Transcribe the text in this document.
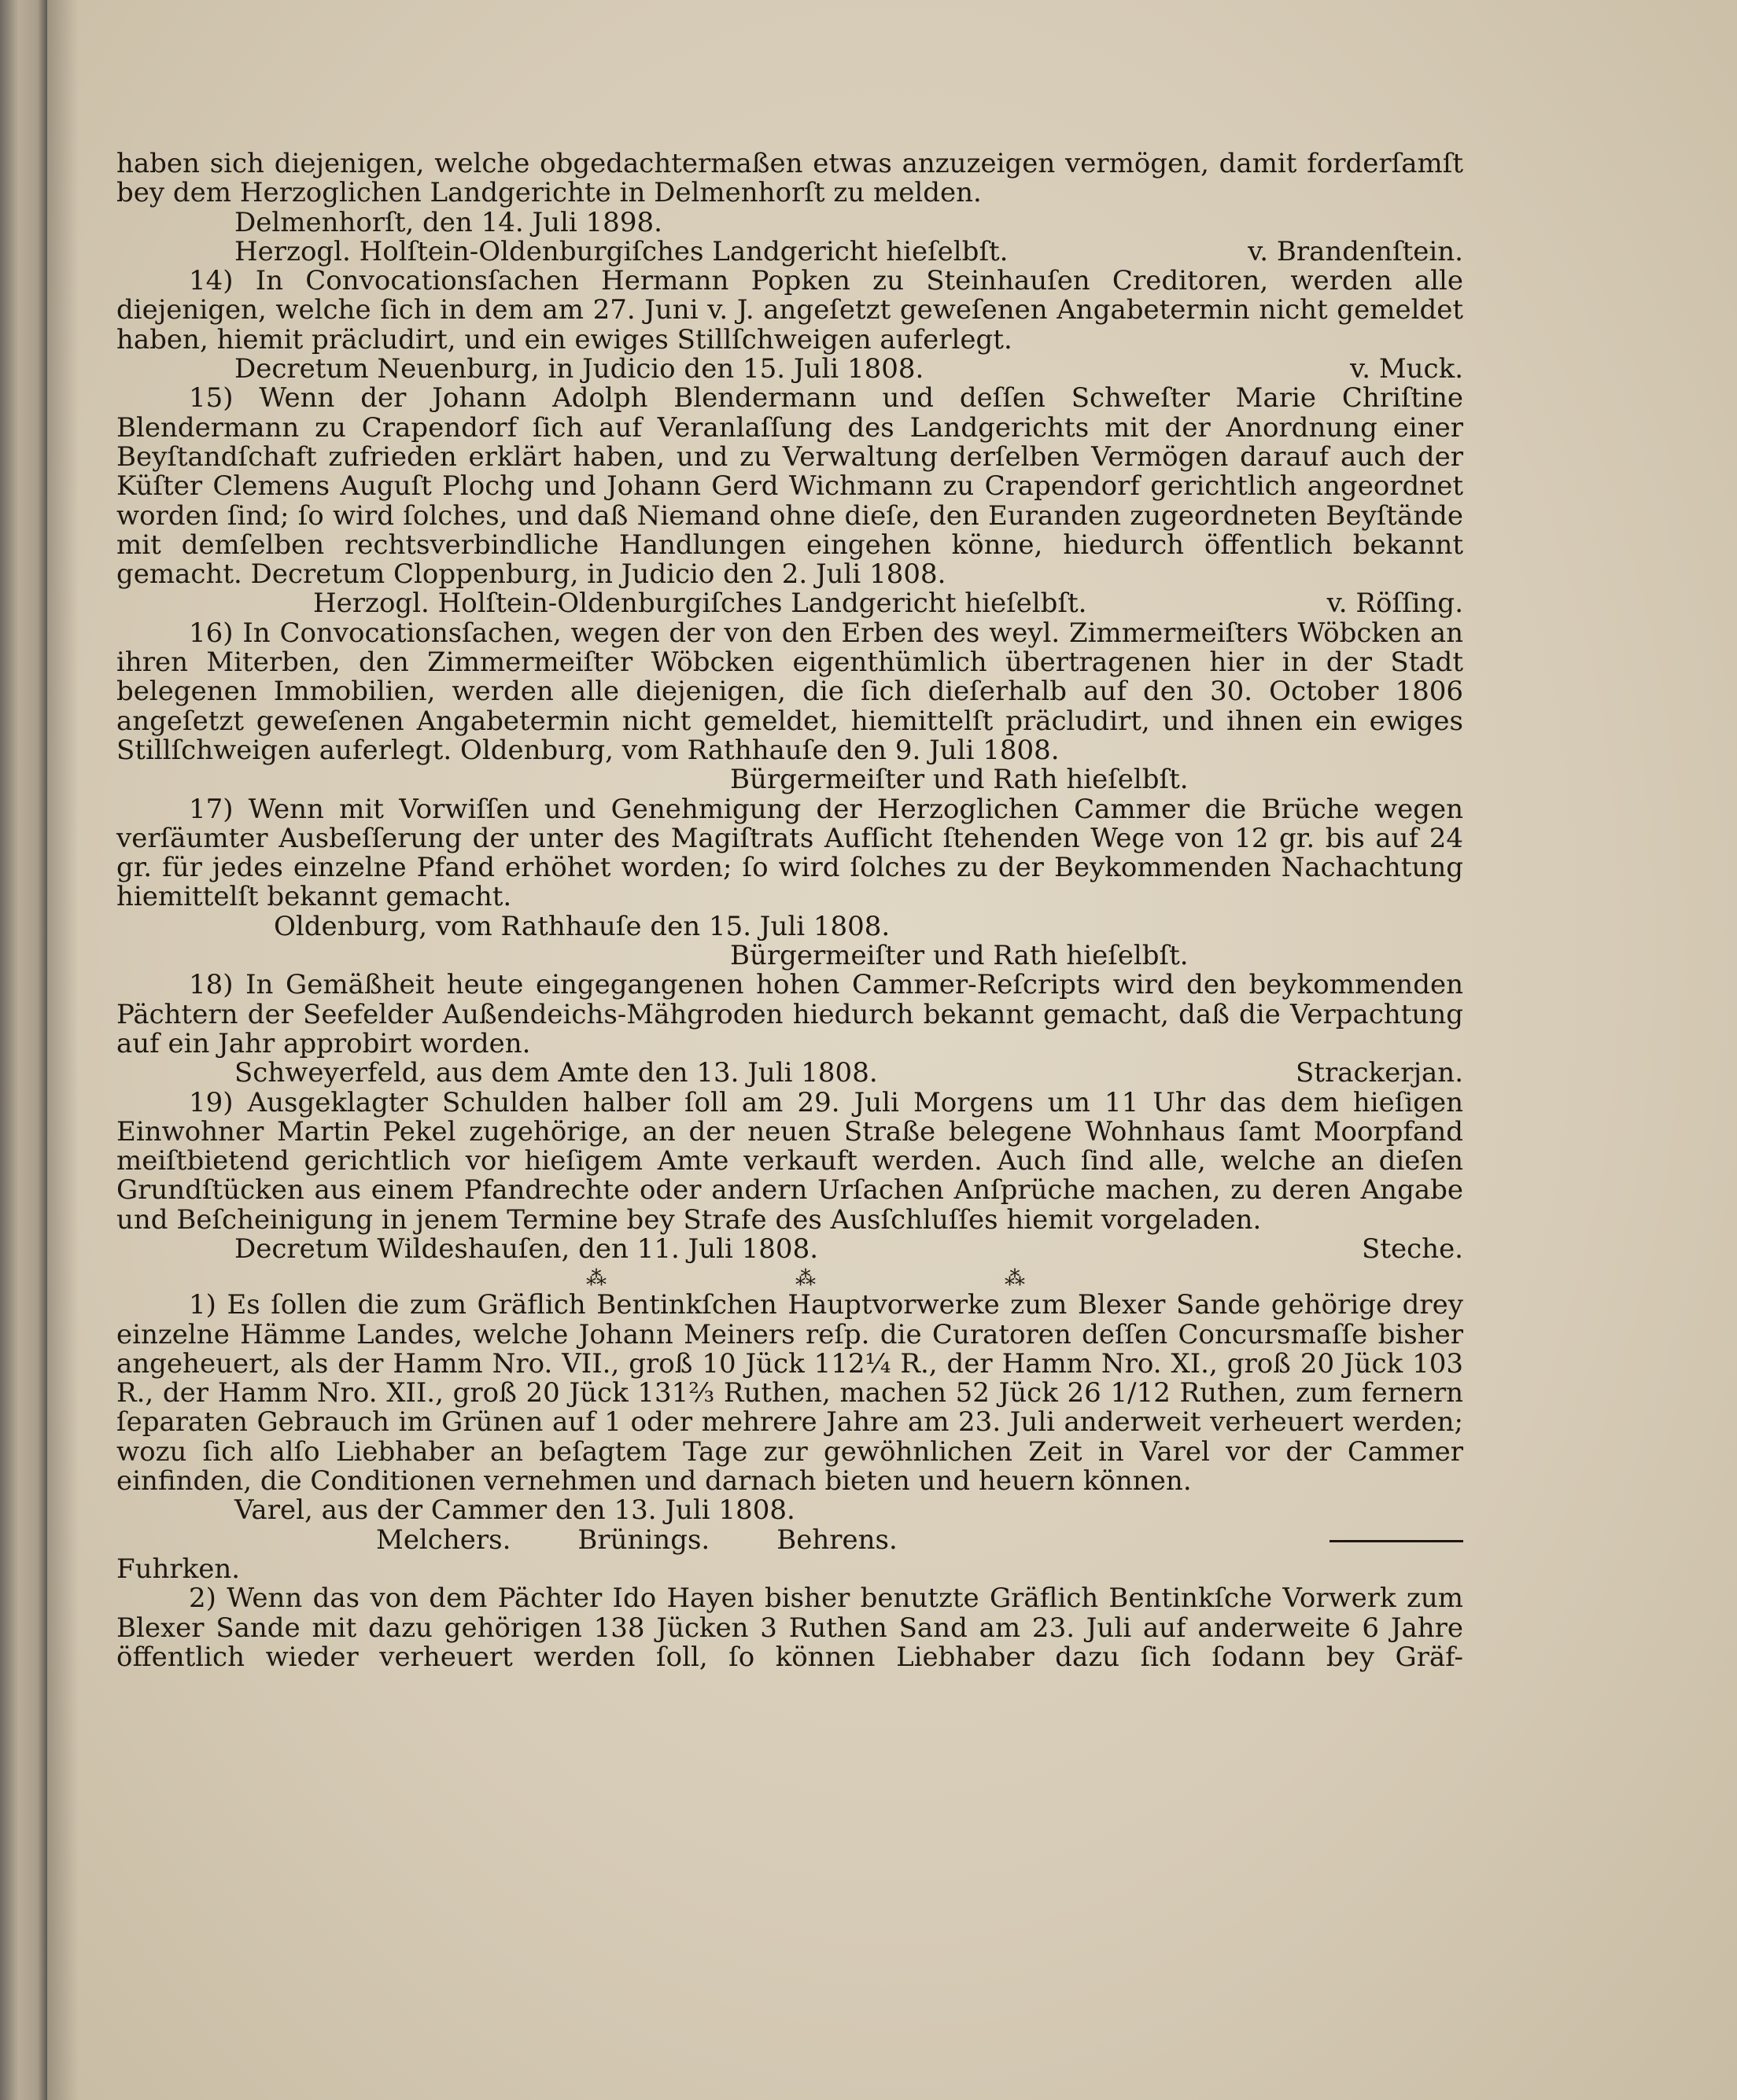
haben sich diejenigen, welche obgedachtermaßen etwas anzuzeigen vermögen, damit forderſamſt bey dem Herzoglichen Landgerichte in Delmenhorſt zu melden.

Delmenhorſt, den 14. Juli 1898.
Herzogl. Holſtein-Oldenburgiſches Landgericht hieſelbſt.	v. Brandenſtein.

14) In Convocationsſachen Hermann Popken zu Steinhauſen Creditoren, werden alle diejenigen, welche ſich in dem am 27. Juni v. J. angeſetzt geweſenen Angabetermin nicht gemeldet haben, hiemit präcludirt, und ein ewiges Stillſchweigen auferlegt.

Decretum Neuenburg, in Judicio den 15. Juli 1808.	v. Muck.

15) Wenn der Johann Adolph Blendermann und deſſen Schweſter Marie Chriſtine Blendermann zu Crapendorf ſich auf Veranlaſſung des Landgerichts mit der Anordnung einer Beyſtandſchaft zufrieden erklärt haben, und zu Verwaltung derſelben Vermögen darauf auch der Küſter Clemens Auguſt Plochg und Johann Gerd Wichmann zu Crapendorf gerichtlich angeordnet worden ſind; ſo wird ſolches, und daß Niemand ohne dieſe, den Euranden zugeordneten Beyſtände mit demſelben rechtsverbindliche Handlungen eingehen könne, hiedurch öffentlich bekannt gemacht. Decretum Cloppenburg, in Judicio den 2. Juli 1808.

Herzogl. Holſtein-Oldenburgiſches Landgericht hieſelbſt.	v. Röſſing.

16) In Convocationsſachen, wegen der von den Erben des weyl. Zimmermeiſters Wöbcken an ihren Miterben, den Zimmermeiſter Wöbcken eigenthümlich übertragenen hier in der Stadt belegenen Immobilien, werden alle diejenigen, die ſich dieſerhalb auf den 30. October 1806 angeſetzt geweſenen Angabetermin nicht gemeldet, hiemittelſt präcludirt, und ihnen ein ewiges Stillſchweigen auferlegt. Oldenburg, vom Rathhauſe den 9. Juli 1808.

Bürgermeiſter und Rath hieſelbſt.

17) Wenn mit Vorwiſſen und Genehmigung der Herzoglichen Cammer die Brüche wegen verſäumter Ausbeſſerung der unter des Magiſtrats Aufſicht ſtehenden Wege von 12 gr. bis auf 24 gr. für jedes einzelne Pfand erhöhet worden; ſo wird ſolches zu der Beykommenden Nachachtung hiemittelſt bekannt gemacht.

Oldenburg, vom Rathhauſe den 15. Juli 1808.
Bürgermeiſter und Rath hieſelbſt.

18) In Gemäßheit heute eingegangenen hohen Cammer-Reſcripts wird den beykommenden Pächtern der Seefelder Außendeichs-Mähgroden hiedurch bekannt gemacht, daß die Verpachtung auf ein Jahr approbirt worden.

Schweyerfeld, aus dem Amte den 13. Juli 1808.	Strackerjan.

19) Ausgeklagter Schulden halber ſoll am 29. Juli Morgens um 11 Uhr das dem hieſigen Einwohner Martin Pekel zugehörige, an der neuen Straße belegene Wohnhaus ſamt Moorpfand meiſtbietend gerichtlich vor hieſigem Amte verkauft werden. Auch ſind alle, welche an dieſen Grundſtücken aus einem Pfandrechte oder andern Urſachen Anſprüche machen, zu deren Angabe und Beſcheinigung in jenem Termine bey Strafe des Ausſchluſſes hiemit vorgeladen.

Decretum Wildeshauſen, den 11. Juli 1808.	Steche.
⁂	⁂	⁂

1) Es ſollen die zum Gräflich Bentinkſchen Hauptvorwerke zum Blexer Sande gehörige drey einzelne Hämme Landes, welche Johann Meiners reſp. die Curatoren deſſen Concursmaſſe bisher angeheuert, als der Hamm Nro. VII., groß 10 Jück 112¼ R., der Hamm Nro. XI., groß 20 Jück 103 R., der Hamm Nro. XII., groß 20 Jück 131⅔ Ruthen, machen 52 Jück 26 1/12 Ruthen, zum fernern ſeparaten Gebrauch im Grünen auf 1 oder mehrere Jahre am 23. Juli anderweit verheuert werden; wozu ſich alſo Liebhaber an beſagtem Tage zur gewöhnlichen Zeit in Varel vor der Cammer einfinden, die Conditionen vernehmen und darnach bieten und heuern können.

Varel, aus der Cammer den 13. Juli 1808.
Melchers.	Brünings.	Behrens.
Fuhrken.

2) Wenn das von dem Pächter Ido Hayen bisher benutzte Gräflich Bentinkſche Vorwerk zum Blexer Sande mit dazu gehörigen 138 Jücken 3 Ruthen Sand am 23. Juli auf anderweite 6 Jahre öffentlich wieder verheuert werden ſoll, ſo können Liebhaber dazu ſich ſodann bey Gräf-
